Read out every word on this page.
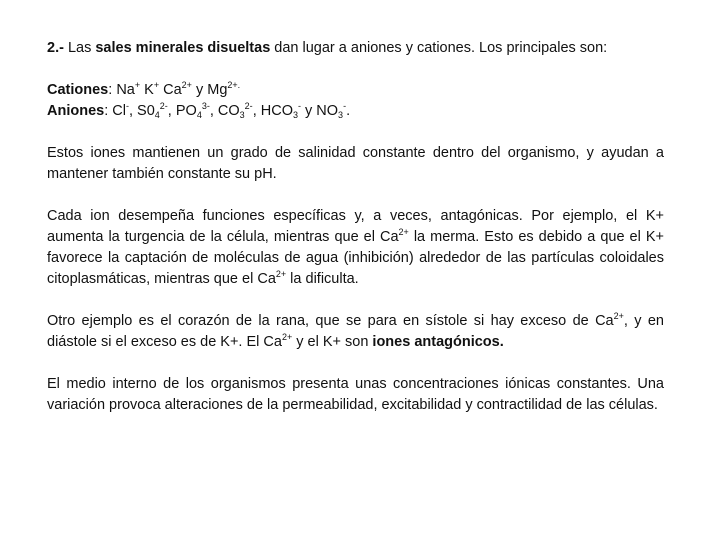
2.- Las sales minerales disueltas dan lugar a aniones y cationes. Los principales son:

Cationes: Na+ K+ $Ca^{2+}$ y $Mg^{2+.}$

Aniones: Cl-, $S0_4^{2-}$, $PO_4^{3-}$, $CO_3^{2-}$, $HCO_3^-$ y $NO_3^-$.

Estos iones mantienen un grado de salinidad constante dentro del organismo, y ayudan a mantener también constante su pH.

Cada ion desempeña funciones específicas y, a veces, antagónicas. Por ejemplo, el K+ aumenta la turgencia de la célula, mientras que el $Ca^{2+}$ la merma. Esto es debido a que el K+ favorece la captación de moléculas de agua (inhibición) alrededor de las partículas coloidales citoplasmáticas, mientras que el $Ca^{2+}$ la dificulta.

Otro ejemplo es el corazón de la rana, que se para en sístole si hay exceso de $Ca^{2+}$, y en diástole si el exceso es de K+. El $Ca^{2+}$ y el K+ son iones antagónicos.

El medio interno de los organismos presenta unas concentraciones iónicas constantes. Una variación provoca alteraciones de la permeabilidad, excitabilidad y contractilidad de las células.
